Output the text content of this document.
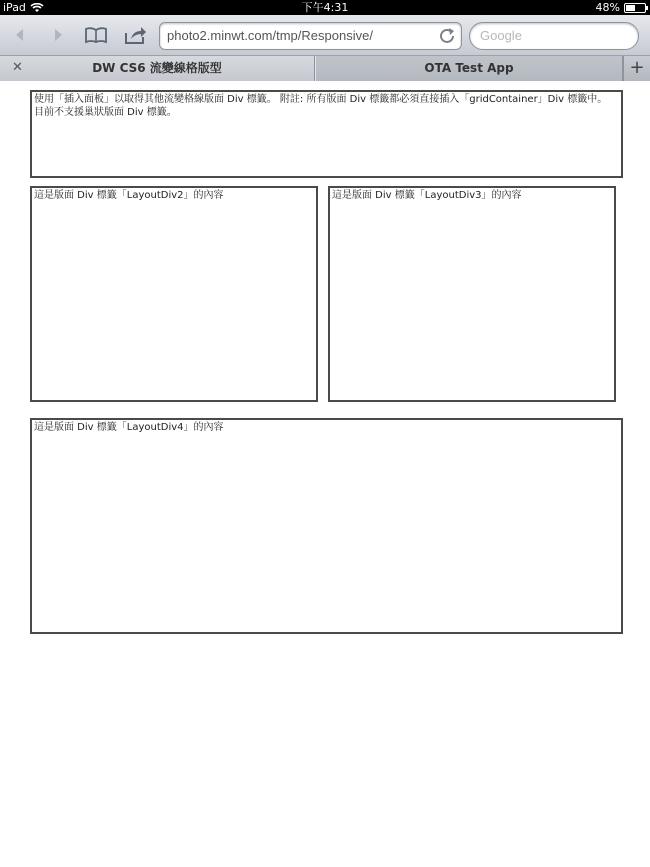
iPad	下午4:31	48%
photo2.minwt.com/tmp/Responsive/	Google
✕	DW CS6 流變線格版型	OTA Test App	+
使用「插入面板」以取得其他流變格線版面 Div 標籤。 附註: 所有版面 Div 標籤都必須直接插入「gridContainer」Div 標籤中。 目前不支援巢狀版面 Div 標籤。
這是版面 Div 標籤「LayoutDiv2」的內容	這是版面 Div 標籤「LayoutDiv3」的內容
這是版面 Div 標籤「LayoutDiv4」的內容
